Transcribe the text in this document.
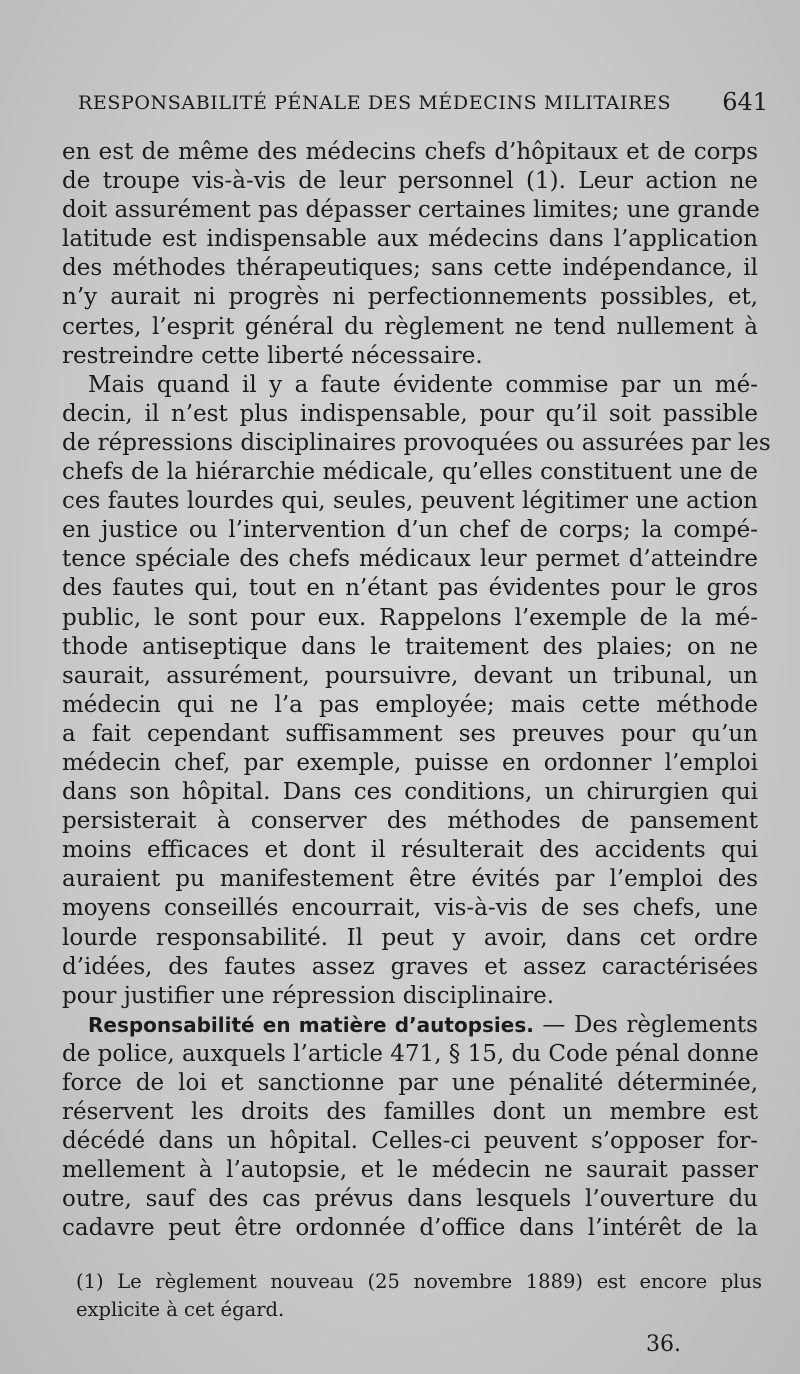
RESPONSABILITÉ PÉNALE DES MÉDECINS MILITAIRES 641
en est de même des médecins chefs d’hôpitaux et de corps
de troupe vis-à-vis de leur personnel (1). Leur action ne
doit assurément pas dépasser certaines limites; une grande
latitude est indispensable aux médecins dans l’application
des méthodes thérapeutiques; sans cette indépendance, il
n’y aurait ni progrès ni perfectionnements possibles, et,
certes, l’esprit général du règlement ne tend nullement à
restreindre cette liberté nécessaire.
Mais quand il y a faute évidente commise par un mé-
decin, il n’est plus indispensable, pour qu’il soit passible
de répressions disciplinaires provoquées ou assurées par les
chefs de la hiérarchie médicale, qu’elles constituent une de
ces fautes lourdes qui, seules, peuvent légitimer une action
en justice ou l’intervention d’un chef de corps; la compé-
tence spéciale des chefs médicaux leur permet d’atteindre
des fautes qui, tout en n’étant pas évidentes pour le gros
public, le sont pour eux. Rappelons l’exemple de la mé-
thode antiseptique dans le traitement des plaies; on ne
saurait, assurément, poursuivre, devant un tribunal, un
médecin qui ne l’a pas employée; mais cette méthode
a fait cependant suffisamment ses preuves pour qu’un
médecin chef, par exemple, puisse en ordonner l’emploi
dans son hôpital. Dans ces conditions, un chirurgien qui
persisterait à conserver des méthodes de pansement
moins efficaces et dont il résulterait des accidents qui
auraient pu manifestement être évités par l’emploi des
moyens conseillés encourrait, vis-à-vis de ses chefs, une
lourde responsabilité. Il peut y avoir, dans cet ordre
d’idées, des fautes assez graves et assez caractérisées
pour justifier une répression disciplinaire.
Responsabilité en matière d’autopsies. — Des règlements
de police, auxquels l’article 471, § 15, du Code pénal donne
force de loi et sanctionne par une pénalité déterminée,
réservent les droits des familles dont un membre est
décédé dans un hôpital. Celles-ci peuvent s’opposer for-
mellement à l’autopsie, et le médecin ne saurait passer
outre, sauf des cas prévus dans lesquels l’ouverture du
cadavre peut être ordonnée d’office dans l’intérêt de la
(1) Le règlement nouveau (25 novembre 1889) est encore plus
explicite à cet égard.
36.
